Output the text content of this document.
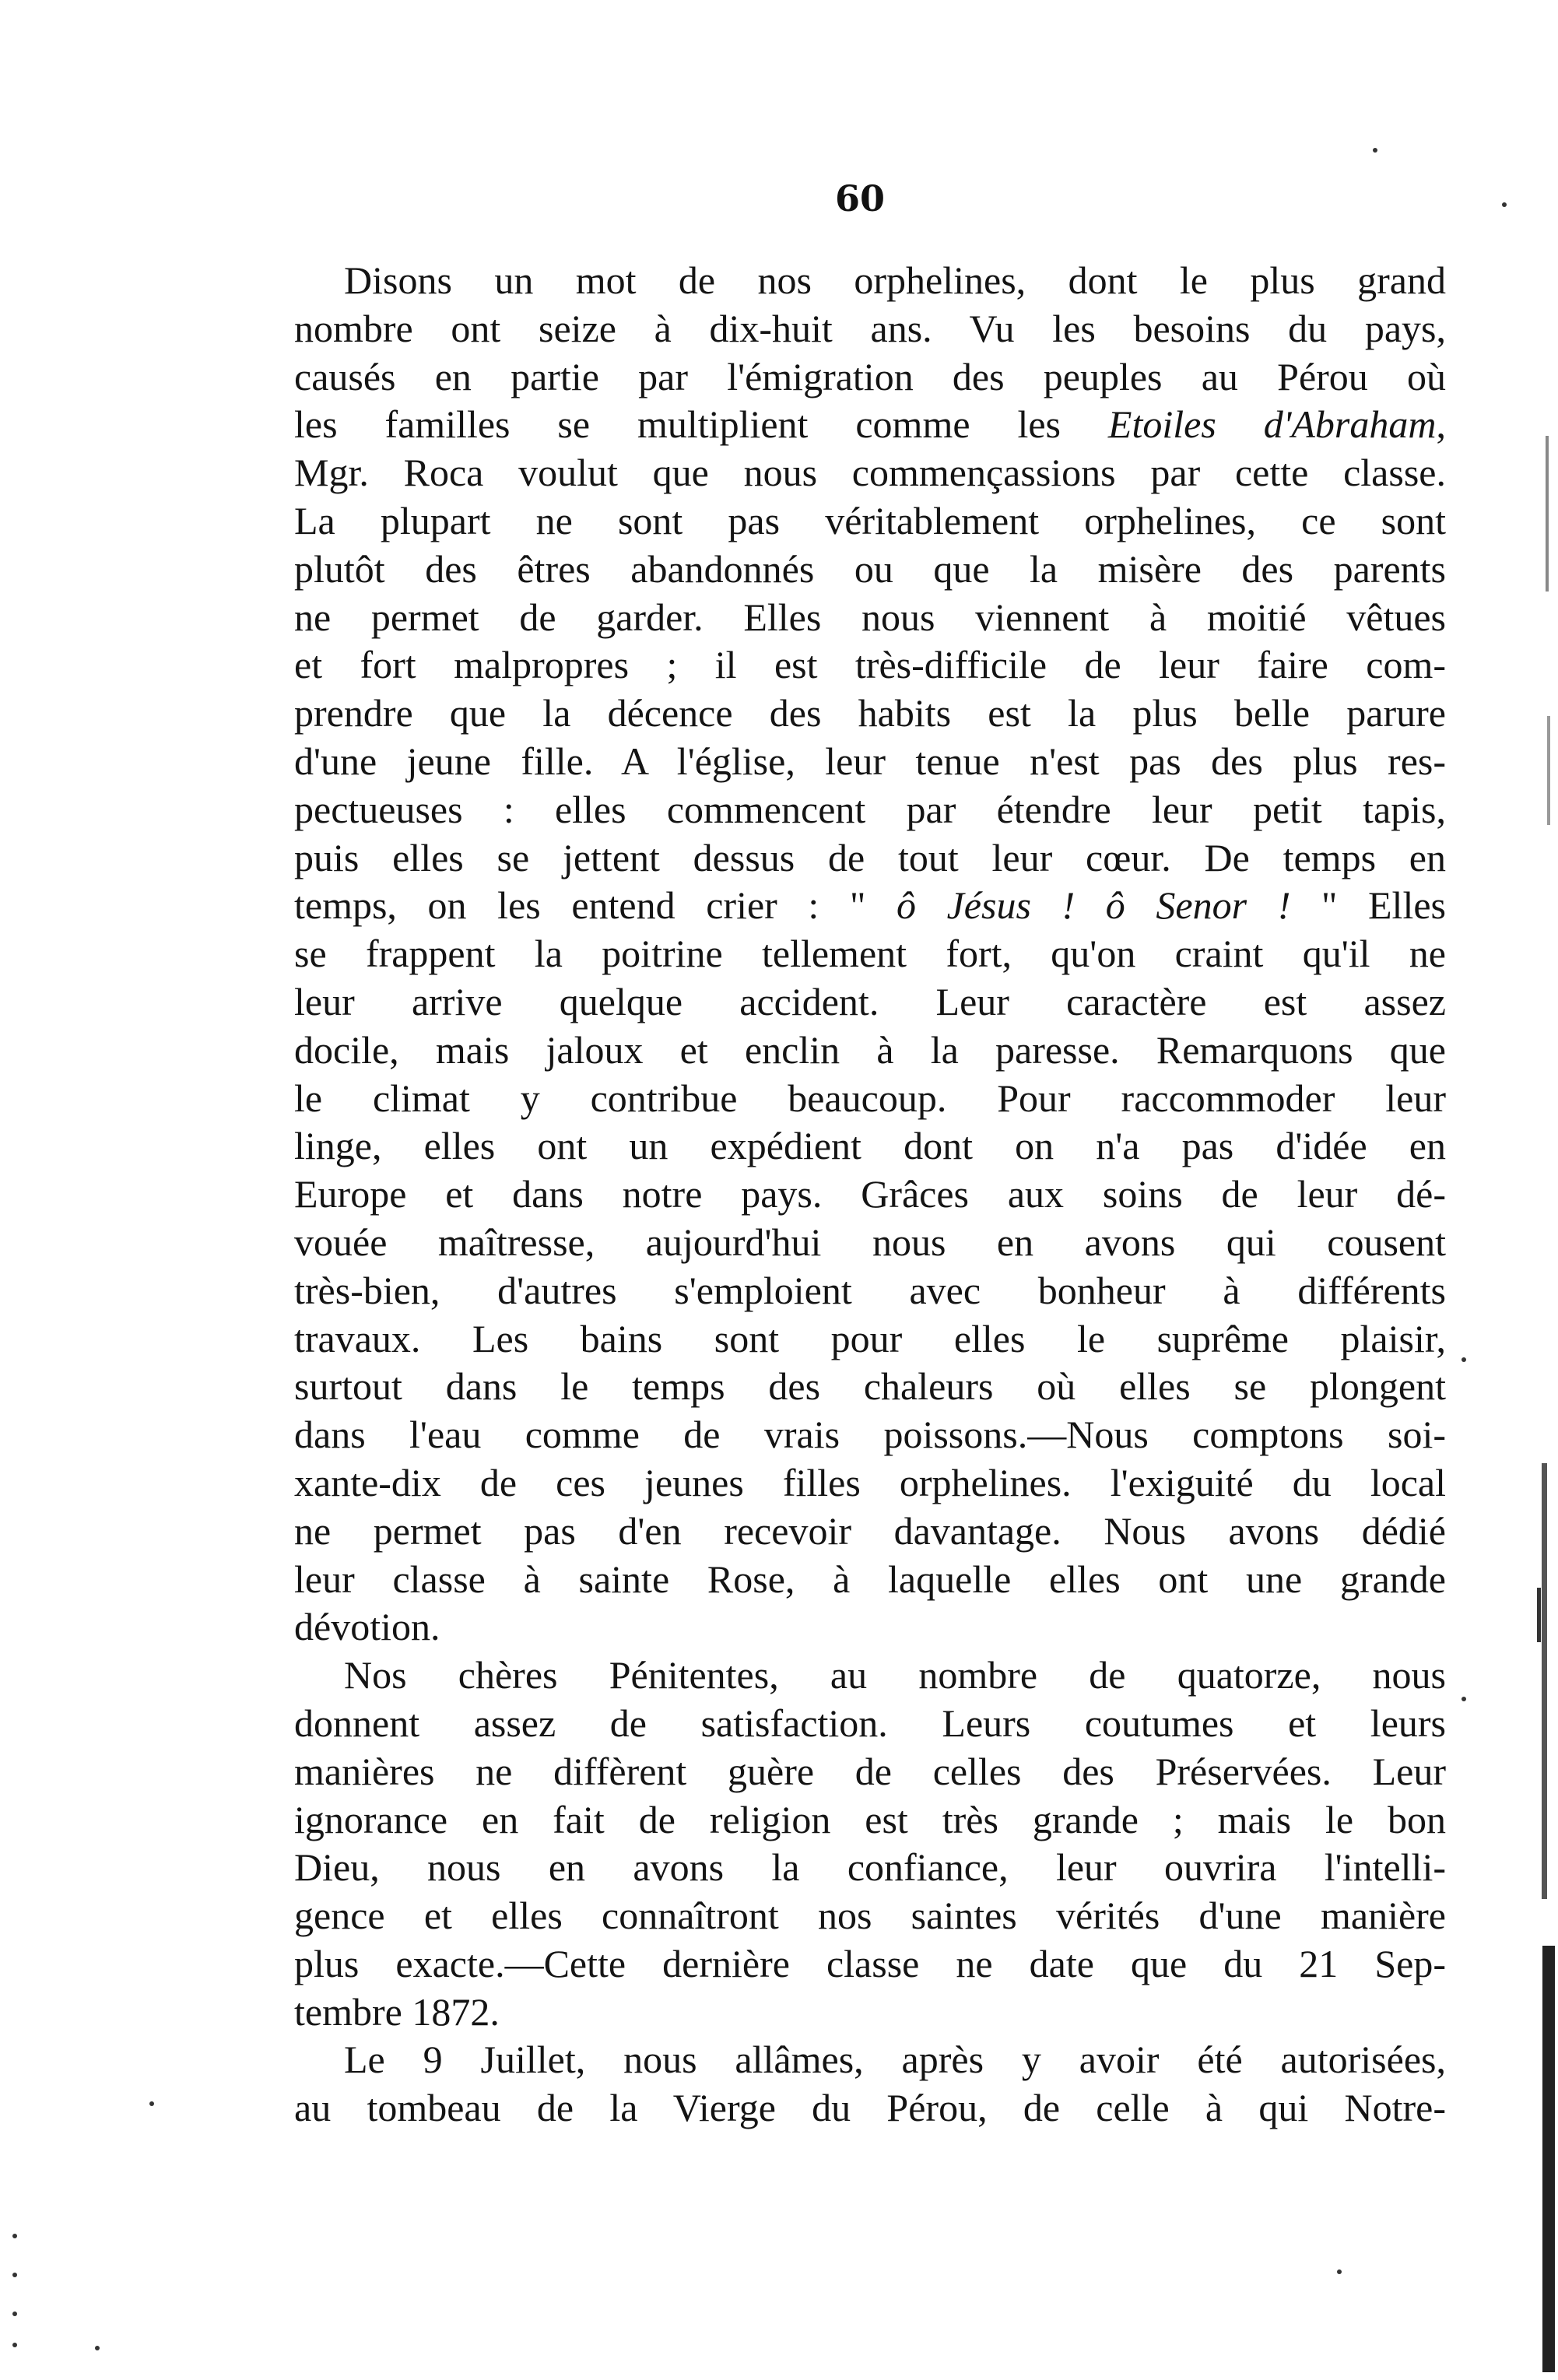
60
Disons un mot de nos orphelines, dont le plus grand
nombre ont seize à dix-huit ans. Vu les besoins du pays,
causés en partie par l'émigration des peuples au Pérou où
les familles se multiplient comme les Etoiles d'Abraham,
Mgr. Roca voulut que nous commençassions par cette classe.
La plupart ne sont pas véritablement orphelines, ce sont
plutôt des êtres abandonnés ou que la misère des parents
ne permet de garder. Elles nous viennent à moitié vêtues
et fort malpropres ; il est très-difficile de leur faire com-
prendre que la décence des habits est la plus belle parure
d'une jeune fille. A l'église, leur tenue n'est pas des plus res-
pectueuses : elles commencent par étendre leur petit tapis,
puis elles se jettent dessus de tout leur cœur. De temps en
temps, on les entend crier : " ô Jésus ! ô Senor ! " Elles
se frappent la poitrine tellement fort, qu'on craint qu'il ne
leur arrive quelque accident. Leur caractère est assez
docile, mais jaloux et enclin à la paresse. Remarquons que
le climat y contribue beaucoup. Pour raccommoder leur
linge, elles ont un expédient dont on n'a pas d'idée en
Europe et dans notre pays. Grâces aux soins de leur dé-
vouée maîtresse, aujourd'hui nous en avons qui cousent
très-bien, d'autres s'emploient avec bonheur à différents
travaux. Les bains sont pour elles le suprême plaisir,
surtout dans le temps des chaleurs où elles se plongent
dans l'eau comme de vrais poissons.—Nous comptons soi-
xante-dix de ces jeunes filles orphelines. l'exiguité du local
ne permet pas d'en recevoir davantage. Nous avons dédié
leur classe à sainte Rose, à laquelle elles ont une grande
dévotion.
Nos chères Pénitentes, au nombre de quatorze, nous
donnent assez de satisfaction. Leurs coutumes et leurs
manières ne diffèrent guère de celles des Préservées. Leur
ignorance en fait de religion est très grande ; mais le bon
Dieu, nous en avons la confiance, leur ouvrira l'intelli-
gence et elles connaîtront nos saintes vérités d'une manière
plus exacte.—Cette dernière classe ne date que du 21 Sep-
tembre 1872.
Le 9 Juillet, nous allâmes, après y avoir été autorisées,
au tombeau de la Vierge du Pérou, de celle à qui Notre-
